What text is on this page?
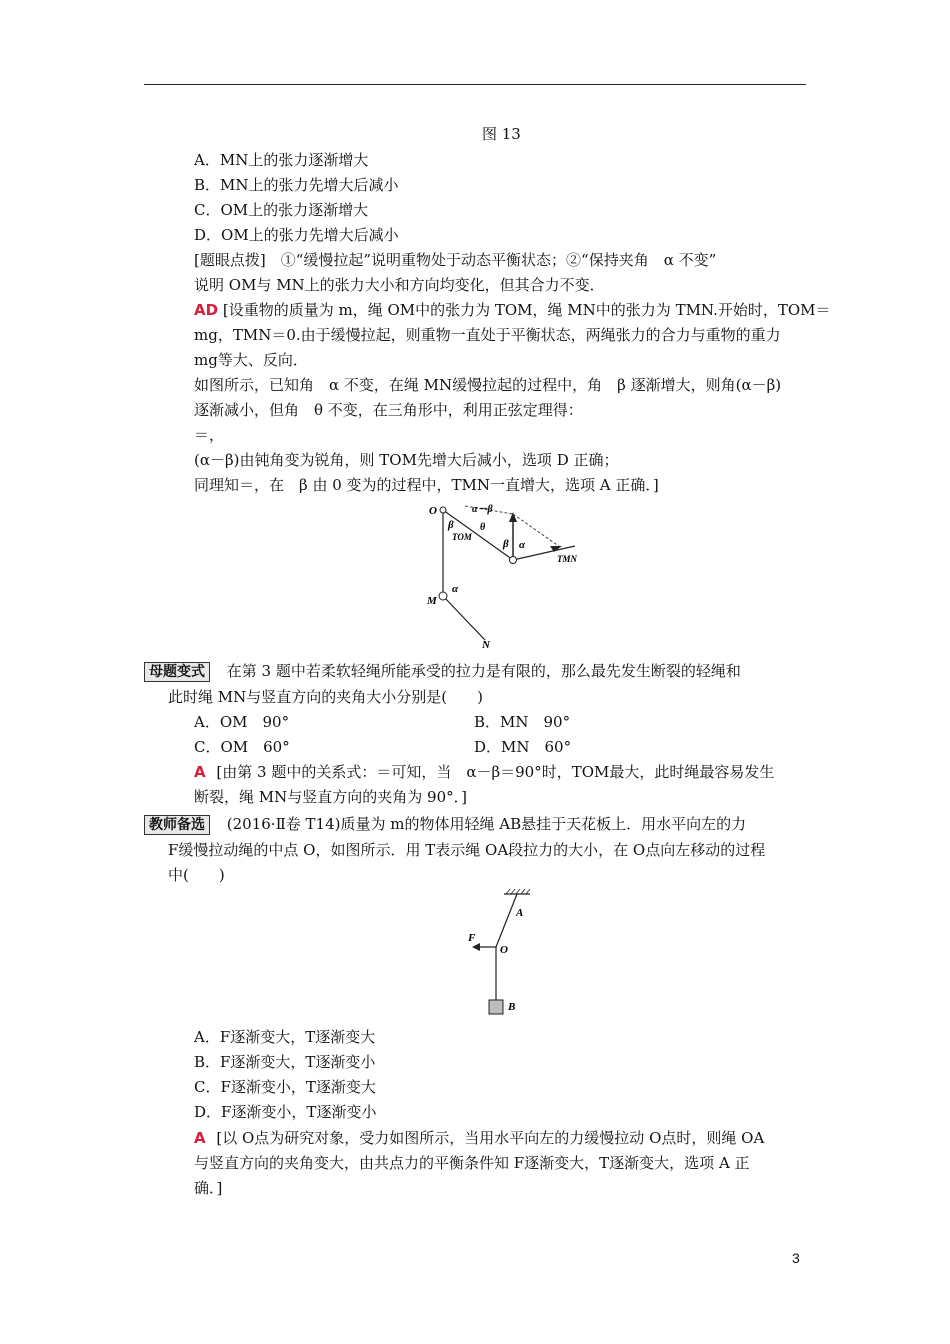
图 13
A．MN上的张力逐渐增大
B．MN上的张力先增大后减小
C．OM上的张力逐渐增大
D．OM上的张力先增大后减小
[题眼点拨]　①“缓慢拉起”说明重物处于动态平衡状态；②“保持夹角　α 不变”
说明 OM与 MN上的张力大小和方向均变化，但其合力不变．
AD [设重物的质量为 m，绳 OM中的张力为 TOM，绳 MN中的张力为 TMN.开始时，TOM＝
mg，TMN＝0.由于缓慢拉起，则重物一直处于平衡状态，两绳张力的合力与重物的重力
mg等大、反向．
如图所示，已知角　α 不变，在绳 MN缓慢拉起的过程中，角　β 逐渐增大，则角(α－β)
逐渐减小，但角　θ 不变，在三角形中，利用正弦定理得：
＝，
(α－β)由钝角变为锐角，则 TOM先增大后减小，选项 D 正确；
同理知＝，在　β 由 0 变为的过程中，TMN一直增大，选项 A 正确．]
O
β
α－β
θ
TOM
β α
TMN
α
M
N
母题变式 在第 3 题中若柔软轻绳所能承受的拉力是有限的，那么最先发生断裂的轻绳和
此时绳 MN与竖直方向的夹角大小分别是(　　)
A．OM　90°	B．MN　90°
C．OM　60°	D．MN　60°
A [由第 3 题中的关系式：＝可知，当　α－β＝90°时，TOM最大，此时绳最容易发生
断裂，绳 MN与竖直方向的夹角为 90°．]
教师备选 (2016·Ⅱ卷 T14)质量为 m的物体用轻绳 AB悬挂于天花板上．用水平向左的力
F缓慢拉动绳的中点 O，如图所示．用 T表示绳 OA段拉力的大小，在 O点向左移动的过程
中(　　)
A
F
O
B
A．F逐渐变大，T逐渐变大
B．F逐渐变大，T逐渐变小
C．F逐渐变小，T逐渐变大
D．F逐渐变小，T逐渐变小
A [以 O点为研究对象，受力如图所示，当用水平向左的力缓慢拉动 O点时，则绳 OA
与竖直方向的夹角变大，由共点力的平衡条件知 F逐渐变大，T逐渐变大，选项 A 正
确．]
3
